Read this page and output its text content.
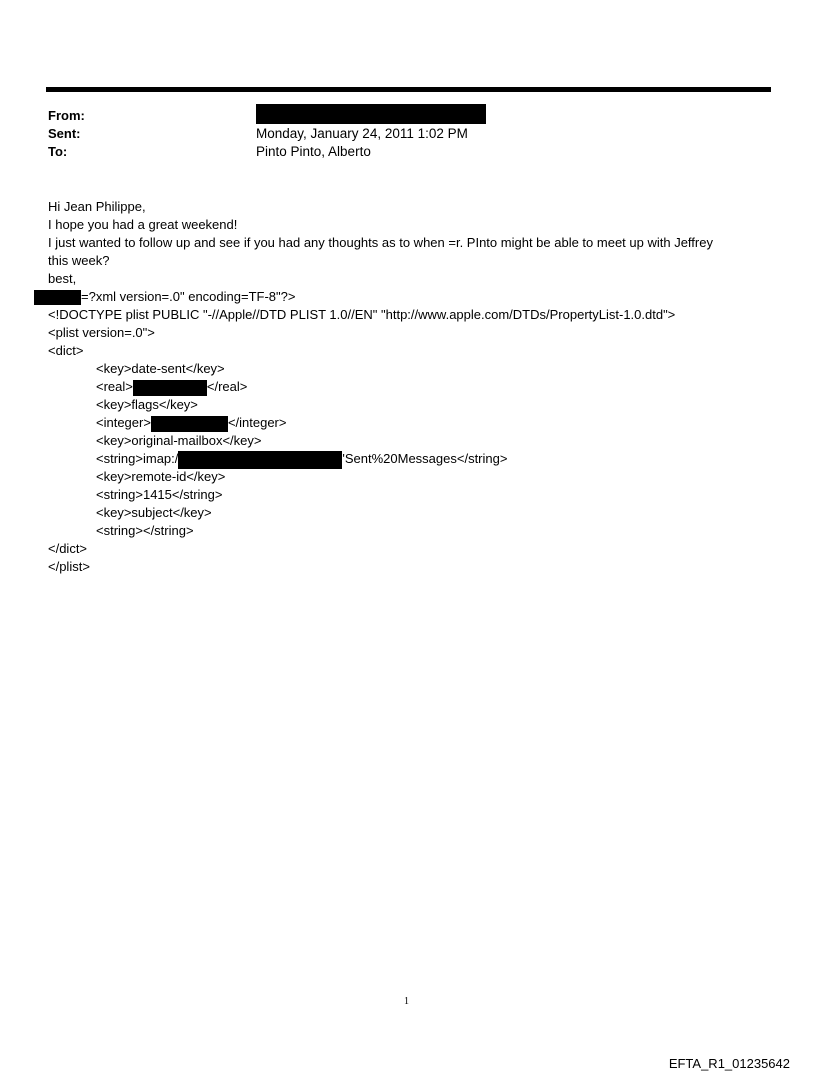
From:
Sent:	Monday, January 24, 2011 1:02 PM
To:	Pinto Pinto, Alberto
Hi Jean Philippe,
I hope you had a great weekend!
I just wanted to follow up and see if you had any thoughts as to when =r. PInto might be able to meet up with Jeffrey
this week?
best,
=?xml version=.0" encoding=TF-8"?>
<!DOCTYPE plist PUBLIC "-//Apple//DTD PLIST 1.0//EN" "http://www.apple.com/DTDs/PropertyList-1.0.dtd">
<plist version=.0">
<dict>
<key>date-sent</key>
<real>	</real>
<key>flags</key>
<integer>	</integer>
<key>original-mailbox</key>
<string>imap:/	'Sent%20Messages</string>
<key>remote-id</key>
<string>1415</string>
<key>subject</key>
<string></string>
</dict>
</plist>
1
EFTA_R1_01235642
